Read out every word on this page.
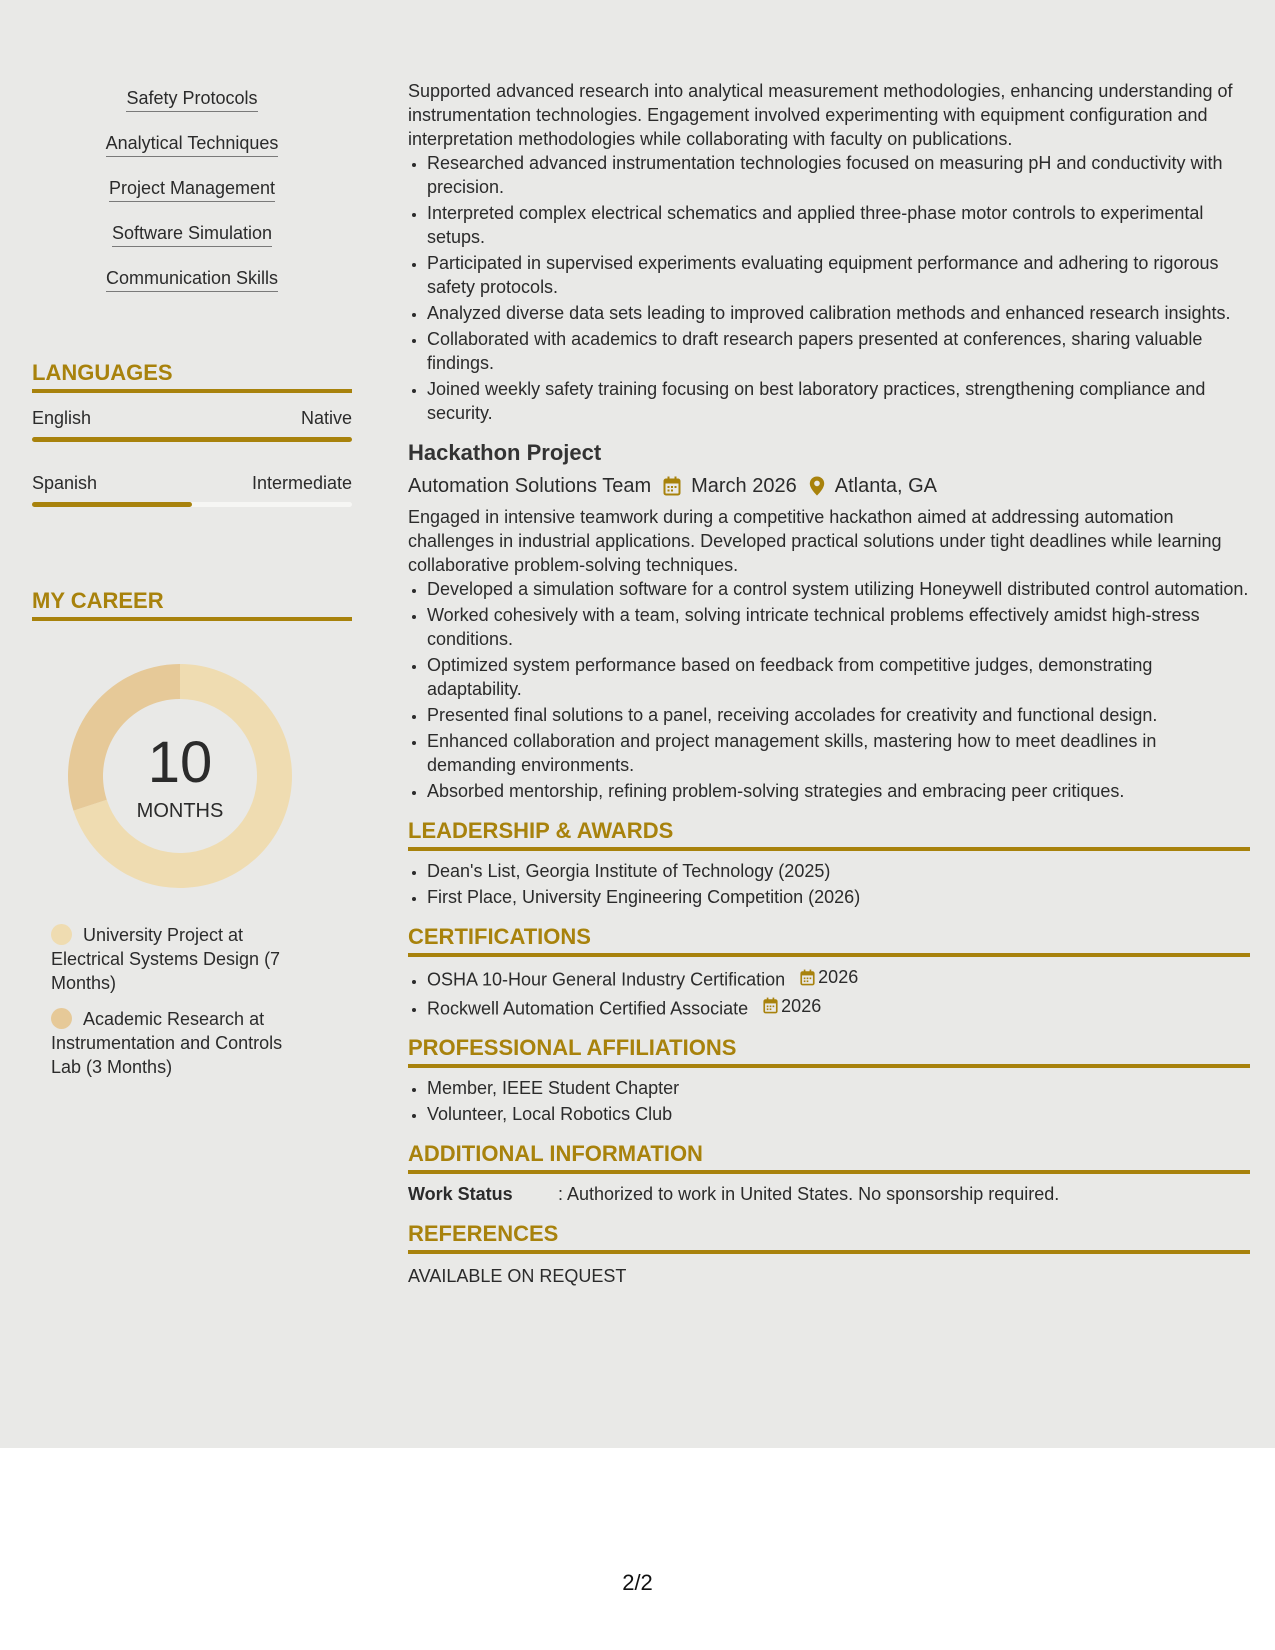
Safety Protocols
Analytical Techniques
Project Management
Software Simulation
Communication Skills
LANGUAGES
English	Native
Spanish	Intermediate
MY CAREER
10
MONTHS
University Project at Electrical Systems Design (7 Months)
Academic Research at Instrumentation and Controls Lab (3 Months)

Supported advanced research into analytical measurement methodologies, enhancing understanding of instrumentation technologies. Engagement involved experimenting with equipment configuration and interpretation methodologies while collaborating with faculty on publications.

• Researched advanced instrumentation technologies focused on measuring pH and conductivity with precision.
• Interpreted complex electrical schematics and applied three-phase motor controls to experimental setups.
• Participated in supervised experiments evaluating equipment performance and adhering to rigorous safety protocols.
• Analyzed diverse data sets leading to improved calibration methods and enhanced research insights.
• Collaborated with academics to draft research papers presented at conferences, sharing valuable findings.
• Joined weekly safety training focusing on best laboratory practices, strengthening compliance and security.
Hackathon Project
Automation Solutions Team March 2026 Atlanta, GA

Engaged in intensive teamwork during a competitive hackathon aimed at addressing automation challenges in industrial applications. Developed practical solutions under tight deadlines while learning collaborative problem-solving techniques.

• Developed a simulation software for a control system utilizing Honeywell distributed control automation.
• Worked cohesively with a team, solving intricate technical problems effectively amidst high-stress conditions.
• Optimized system performance based on feedback from competitive judges, demonstrating adaptability.
• Presented final solutions to a panel, receiving accolades for creativity and functional design.
• Enhanced collaboration and project management skills, mastering how to meet deadlines in demanding environments.
• Absorbed mentorship, refining problem-solving strategies and embracing peer critiques.
LEADERSHIP & AWARDS
• Dean's List, Georgia Institute of Technology (2025)
• First Place, University Engineering Competition (2026)
CERTIFICATIONS
• OSHA 10-Hour General Industry Certification 2026
• Rockwell Automation Certified Associate 2026
PROFESSIONAL AFFILIATIONS
• Member, IEEE Student Chapter
• Volunteer, Local Robotics Club
ADDITIONAL INFORMATION
Work Status	: Authorized to work in United States. No sponsorship required.
REFERENCES
AVAILABLE ON REQUEST
2/2
